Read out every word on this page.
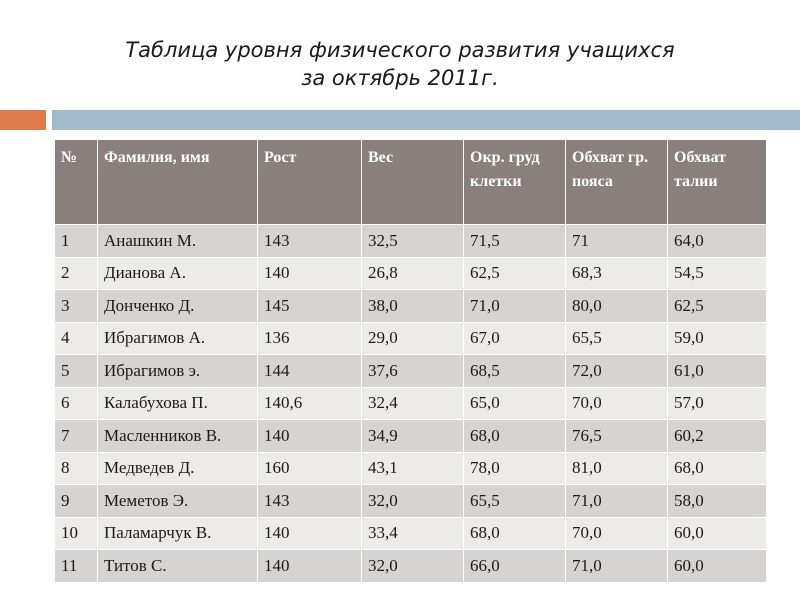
Таблица уровня физического развития учащихся
за октябрь 2011г.
№	Фамилия, имя	Рост	Вес	Окр. груд клетки	Обхват гр. пояса	Обхват талии
1	Анашкин М.	143	32,5	71,5	71	64,0
2	Дианова А.	140	26,8	62,5	68,3	54,5
3	Донченко Д.	145	38,0	71,0	80,0	62,5
4	Ибрагимов А.	136	29,0	67,0	65,5	59,0
5	Ибрагимов э.	144	37,6	68,5	72,0	61,0
6	Калабухова П.	140,6	32,4	65,0	70,0	57,0
7	Масленников В.	140	34,9	68,0	76,5	60,2
8	Медведев Д.	160	43,1	78,0	81,0	68,0
9	Меметов Э.	143	32,0	65,5	71,0	58,0
10	Паламарчук В.	140	33,4	68,0	70,0	60,0
11	Титов С.	140	32,0	66,0	71,0	60,0
